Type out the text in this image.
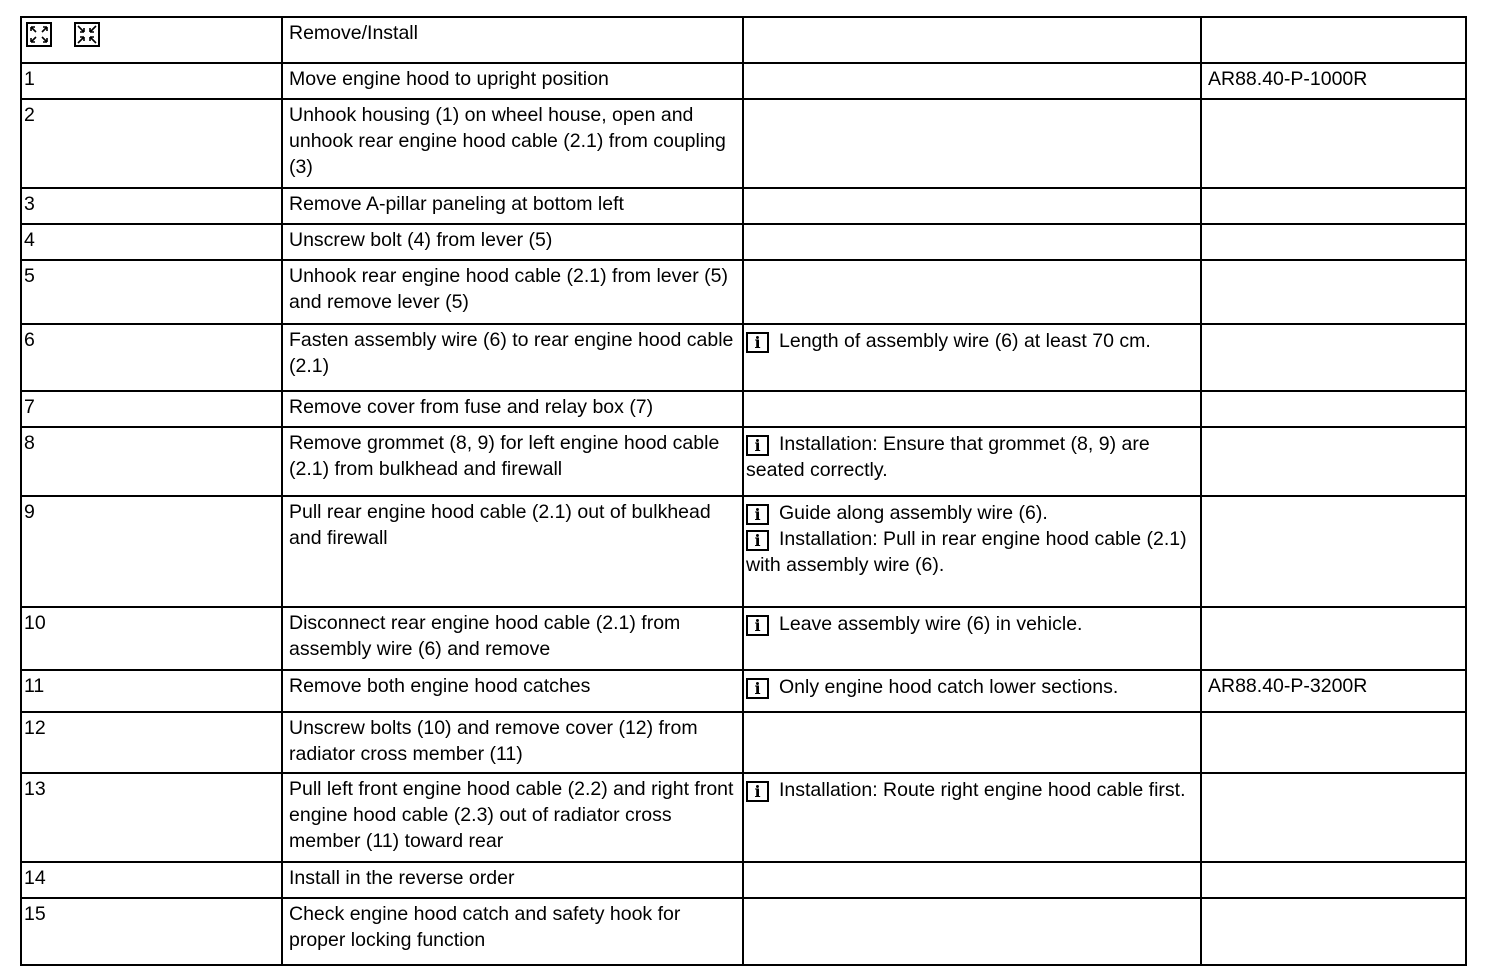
	Remove/Install		
1	Move engine hood to upright position		AR88.40-P-1000R
2	Unhook housing (1) on wheel house, open and unhook rear engine hood cable (2.1) from coupling (3)		
3	Remove A-pillar paneling at bottom left		
4	Unscrew bolt (4) from lever (5)		
5	Unhook rear engine hood cable (2.1) from lever (5) and remove lever (5)		
6	Fasten assembly wire (6) to rear engine hood cable (2.1)	i Length of assembly wire (6) at least 70 cm.	

7	Remove cover from fuse and relay box (7)		
8	Remove grommet (8, 9) for left engine hood cable (2.1) from bulkhead and firewall	i Installation: Ensure that grommet (8, 9) are seated correctly.	

9	Pull rear engine hood cable (2.1) out of bulkhead and firewall	i Guide along assembly wire (6).
i Installation: Pull in rear engine hood cable (2.1) with assembly wire (6).	

10	Disconnect rear engine hood cable (2.1) from assembly wire (6) and remove	i Leave assembly wire (6) in vehicle.	

11	Remove both engine hood catches	i Only engine hood catch lower sections.	AR88.40-P-3200R
12	Unscrew bolts (10) and remove cover (12) from radiator cross member (11)		
13	Pull left front engine hood cable (2.2) and right front engine hood cable (2.3) out of radiator cross member (11) toward rear	i Installation: Route right engine hood cable first.	

14	Install in the reverse order		
15	Check engine hood catch and safety hook for proper locking function		
